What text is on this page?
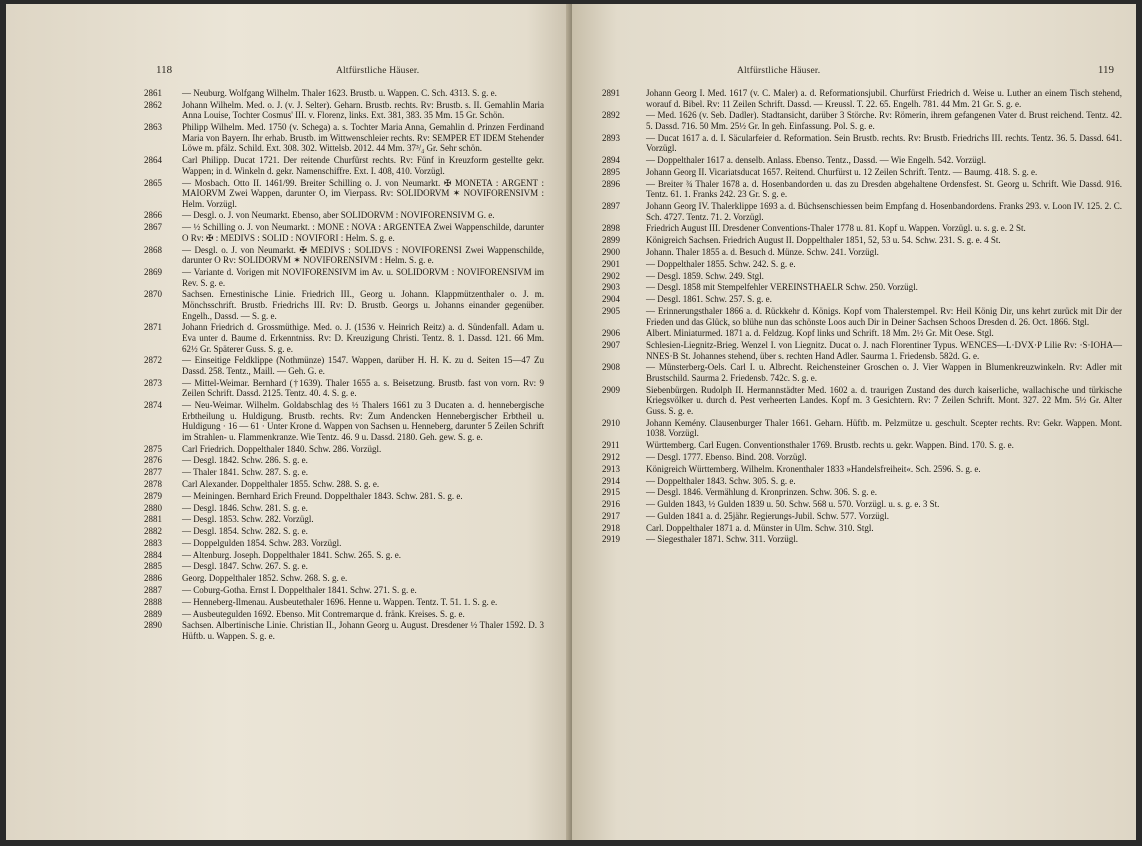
118	Altfürstliche Häuser.
2861 — Neuburg. Wolfgang Wilhelm. Thaler 1623. Brustb. u. Wappen. C. Sch. 4313. S. g. e.
2862 Johann Wilhelm. Med. o. J. (v. J. Selter). Geharn. Brustb. rechts. Rv: Brustb. s. II. Gemahlin Maria Anna Louise, Tochter Cosmus' III. v. Florenz, links. Ext. 381, 383. 35 Mm. 15 Gr. Schön.
2863 Philipp Wilhelm. Med. 1750 (v. Schega) a. s. Tochter Maria Anna, Gemahlin d. Prinzen Ferdinand Maria von Bayern. Ihr erhab. Brustb. im Wittwenschleier rechts. Rv: SEMPER ET IDEM Stehender Löwe m. pfälz. Schild. Ext. 308. 302. Wittelsb. 2012. 44 Mm. 37³/₄ Gr. Sehr schön.
2864 Carl Philipp. Ducat 1721. Der reitende Churfürst rechts. Rv: Fünf in Kreuzform gestellte gekr. Wappen; in d. Winkeln d. gekr. Namenschiffre. Ext. I. 408, 410. Vorzügl.
2865 — Mosbach. Otto II. 1461/99. Breiter Schilling o. J. von Neumarkt. ✠ MONETA : ARGENT : MAIORVM Zwei Wappen, darunter O, im Vierpass. Rv: SOLIDORVM ✶ NOVIFORENSIVM : Helm. Vorzügl.
2866 — Desgl. o. J. von Neumarkt. Ebenso, aber SOLIDORVM : NOVIFORENSIVM G. e.
2867 — ½ Schilling o. J. von Neumarkt. : MONE : NOVA : ARGENTEA Zwei Wappenschilde, darunter O Rv: ✠ : MEDIVS : SOLID : NOVIFORI : Helm. S. g. e.
2868 — Desgl. o. J. von Neumarkt. ✠ MEDIVS : SOLIDVS : NOVIFORENSI Zwei Wappenschilde, darunter O Rv: SOLIDORVM ✶ NOVIFORENSIVM : Helm. S. g. e.
2869 — Variante d. Vorigen mit NOVIFORENSIVM im Av. u. SOLIDORVM : NOVIFORENSIVM im Rev. S. g. e.
2870 Sachsen. Ernestinische Linie. Friedrich III., Georg u. Johann. Klappmützenthaler o. J. m. Mönchsschrift. Brustb. Friedrichs III. Rv: D. Brustb. Georgs u. Johanns einander gegenüber. Engelh., Dassd. — S. g. e.
2871 Johann Friedrich d. Grossmüthige. Med. o. J. (1536 v. Heinrich Reitz) a. d. Sündenfall. Adam u. Eva unter d. Baume d. Erkenntniss. Rv: D. Kreuzigung Christi. Tentz. 8. 1. Dassd. 121. 66 Mm. 62½ Gr. Späterer Guss. S. g. e.
2872 — Einseitige Feldklippe (Nothmünze) 1547. Wappen, darüber H. H. K. zu d. Seiten 15—47 Zu Dassd. 258. Tentz., Maill. — Geh. G. e.
2873 — Mittel-Weimar. Bernhard (†1639). Thaler 1655 a. s. Beisetzung. Brustb. fast von vorn. Rv: 9 Zeilen Schrift. Dassd. 2125. Tentz. 40. 4. S. g. e.
2874 — Neu-Weimar. Wilhelm. Goldabschlag des ½ Thalers 1661 zu 3 Ducaten a. d. hennebergische Erbtheilung u. Huldigung. Brustb. rechts. Rv: Zum Andencken Hennebergischer Erbtheil u. Huldigung · 16 — 61 · Unter Krone d. Wappen von Sachsen u. Henneberg, darunter 5 Zeilen Schrift im Strahlen- u. Flammenkranze. Wie Tentz. 46. 9 u. Dassd. 2180. Geh. gew. S. g. e.
2875 Carl Friedrich. Doppelthaler 1840. Schw. 286. Vorzügl.
2876 — Desgl. 1842. Schw. 286. S. g. e.
2877 — Thaler 1841. Schw. 287. S. g. e.
2878 Carl Alexander. Doppelthaler 1855. Schw. 288. S. g. e.
2879 — Meiningen. Bernhard Erich Freund. Doppelthaler 1843. Schw. 281. S. g. e.
2880 — Desgl. 1846. Schw. 281. S. g. e.
2881 — Desgl. 1853. Schw. 282. Vorzügl.
2882 — Desgl. 1854. Schw. 282. S. g. e.
2883 — Doppelgulden 1854. Schw. 283. Vorzügl.
2884 — Altenburg. Joseph. Doppelthaler 1841. Schw. 265. S. g. e.
2885 — Desgl. 1847. Schw. 267. S. g. e.
2886 Georg. Doppelthaler 1852. Schw. 268. S. g. e.
2887 — Coburg-Gotha. Ernst I. Doppelthaler 1841. Schw. 271. S. g. e.
2888 — Henneberg-Ilmenau. Ausbeutethaler 1696. Henne u. Wappen. Tentz. T. 51. 1. S. g. e.
2889 — Ausbeutegulden 1692. Ebenso. Mit Contremarque d. fränk. Kreises. S. g. e.
2890 Sachsen. Albertinische Linie. Christian II., Johann Georg u. August. Dresdener ½ Thaler 1592. D. 3 Hüftb. u. Wappen. S. g. e.
Altfürstliche Häuser.	119
2891	Johann Georg I. Med. 1617 (v. C. Maler) a. d. Reformationsjubil. Churfürst Friedrich d. Weise u. Luther an einem Tisch stehend, worauf d. Bibel. Rv: 11 Zeilen Schrift. Dassd. — Kreussl. T. 22. 65. Engelh. 781. 44 Mm. 21 Gr. S. g. e.
2892	— Med. 1626 (v. Seb. Dadler). Stadtansicht, darüber 3 Störche. Rv: Römerin, ihrem gefangenen Vater d. Brust reichend. Tentz. 42. 5. Dassd. 716. 50 Mm. 25½ Gr. In geh. Einfassung. Pol. S. g. e.
2893	— Ducat 1617 a. d. I. Säcularfeier d. Reformation. Sein Brustb. rechts. Rv: Brustb. Friedrichs III. rechts. Tentz. 36. 5. Dassd. 641. Vorzügl.
2894	— Doppelthaler 1617 a. denselb. Anlass. Ebenso. Tentz., Dassd. — Wie Engelh. 542. Vorzügl.
2895	Johann Georg II. Vicariatsducat 1657. Reitend. Churfürst u. 12 Zeilen Schrift. Tentz. — Baumg. 418. S. g. e.
2896	— Breiter ¾ Thaler 1678 a. d. Hosenbandorden u. das zu Dresden abgehaltene Ordensfest. St. Georg u. Schrift. Wie Dassd. 916. Tentz. 61. 1. Franks 242. 23 Gr. S. g. e.
2897	Johann Georg IV. Thalerklippe 1693 a. d. Büchsenschiessen beim Empfang d. Hosenbandordens. Franks 293. v. Loon IV. 125. 2. C. Sch. 4727. Tentz. 71. 2. Vorzügl.
2898	Friedrich August III. Dresdener Conventions-Thaler 1778 u. 81. Kopf u. Wappen. Vorzügl. u. s. g. e. 2 St.
2899	Königreich Sachsen. Friedrich August II. Doppelthaler 1851, 52, 53 u. 54. Schw. 231. S. g. e. 4 St.
2900	Johann. Thaler 1855 a. d. Besuch d. Münze. Schw. 241. Vorzügl.
2901	— Doppelthaler 1855. Schw. 242. S. g. e.
2902	— Desgl. 1859. Schw. 249. Stgl.
2903	— Desgl. 1858 mit Stempelfehler VEREINSTHAELR Schw. 250. Vorzügl.
2904	— Desgl. 1861. Schw. 257. S. g. e.
2905	— Erinnerungsthaler 1866 a. d. Rückkehr d. Königs. Kopf vom Thalerstempel. Rv: Heil König Dir, uns kehrt zurück mit Dir der Frieden und das Glück, so blühe nun das schönste Loos auch Dir in Deiner Sachsen Schoos Dresden d. 26. Oct. 1866. Stgl.
2906	Albert. Miniaturmed. 1871 a. d. Feldzug. Kopf links und Schrift. 18 Mm. 2½ Gr. Mit Oese. Stgl.
2907	Schlesien-Liegnitz-Brieg. Wenzel I. von Liegnitz. Ducat o. J. nach Florentiner Typus. WENCES—L·DVX·P Lilie Rv: ·S·IOHA—NNES·B St. Johannes stehend, über s. rechten Hand Adler. Saurma 1. Friedensb. 582d. G. e.
2908	— Münsterberg-Oels. Carl I. u. Albrecht. Reichensteiner Groschen o. J. Vier Wappen in Blumenkreuzwinkeln. Rv: Adler mit Brustschild. Saurma 2. Friedensb. 742c. S. g. e.
2909	Siebenbürgen. Rudolph II. Hermannstädter Med. 1602 a. d. traurigen Zustand des durch kaiserliche, wallachische und türkische Kriegsvölker u. durch d. Pest verheerten Landes. Kopf m. 3 Gesichtern. Rv: 7 Zeilen Schrift. Mont. 327. 22 Mm. 5½ Gr. Alter Guss. S. g. e.
2910	Johann Kemény. Clausenburger Thaler 1661. Geharn. Hüftb. m. Pelzmütze u. geschult. Scepter rechts. Rv: Gekr. Wappen. Mont. 1038. Vorzügl.
2911	Württemberg. Carl Eugen. Conventionsthaler 1769. Brustb. rechts u. gekr. Wappen. Bind. 170. S. g. e.
2912	— Desgl. 1777. Ebenso. Bind. 208. Vorzügl.
2913	Königreich Württemberg. Wilhelm. Kronenthaler 1833 »Handelsfreiheit«. Sch. 2596. S. g. e.
2914	— Doppelthaler 1843. Schw. 305. S. g. e.
2915	— Desgl. 1846. Vermählung d. Kronprinzen. Schw. 306. S. g. e.
2916	— Gulden 1843, ½ Gulden 1839 u. 50. Schw. 568 u. 570. Vorzügl. u. s. g. e. 3 St.
2917	— Gulden 1841 a. d. 25jähr. Regierungs-Jubil. Schw. 577. Vorzügl.
2918	Carl. Doppelthaler 1871 a. d. Münster in Ulm. Schw. 310. Stgl.
2919	— Siegesthaler 1871. Schw. 311. Vorzügl.
